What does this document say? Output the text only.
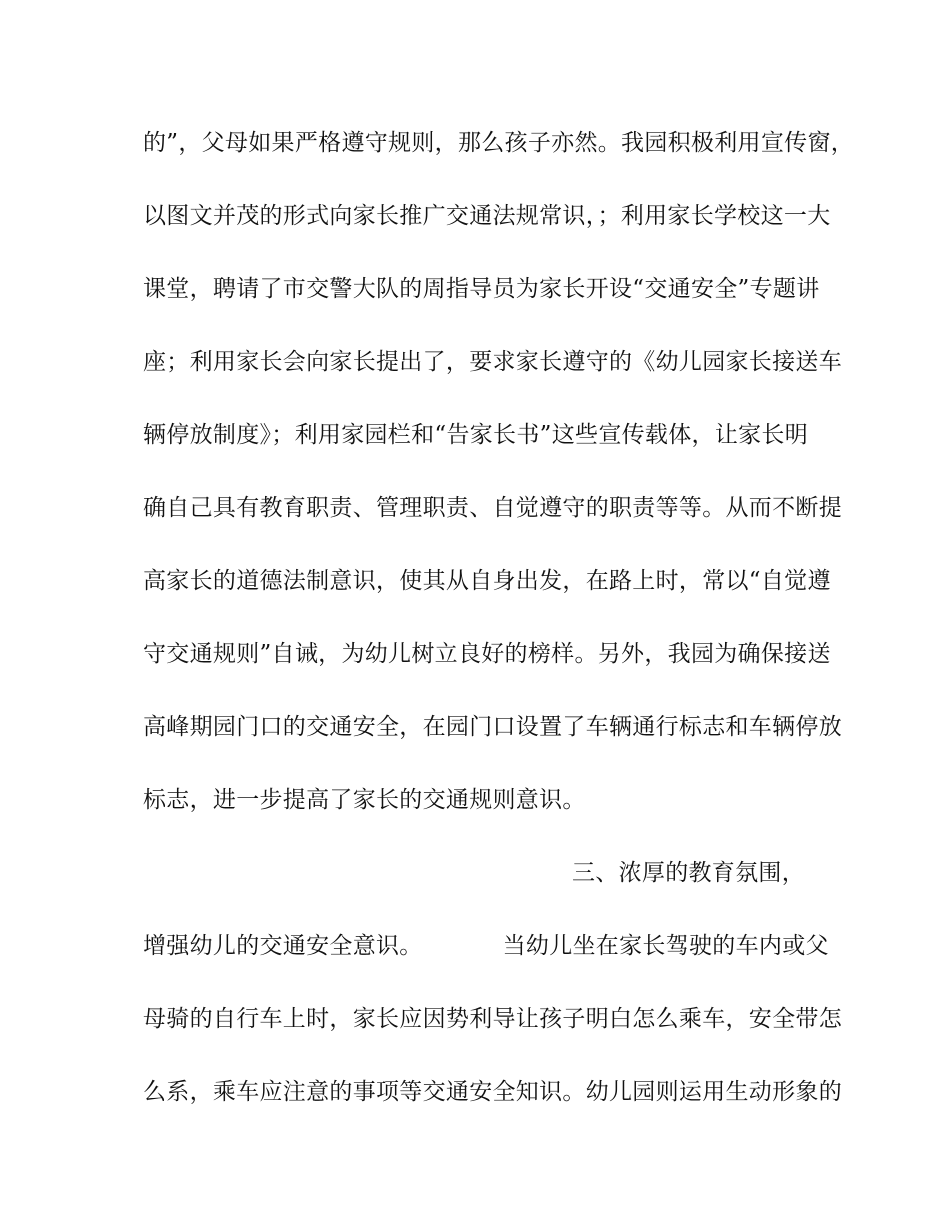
的”，父母如果严格遵守规则，那么孩子亦然。我园积极利用宣传窗，
以图文并茂的形式向家长推广交通法规常识，；利用家长学校这一大
课堂，聘请了市交警大队的周指导员为家长开设“交通安全”专题讲
座；利用家长会向家长提出了，要求家长遵守的《幼儿园家长接送车
辆停放制度》；利用家园栏和“告家长书”这些宣传载体，让家长明
确自己具有教育职责、管理职责、自觉遵守的职责等等。从而不断提
高家长的道德法制意识，使其从自身出发，在路上时，常以“自觉遵
守交通规则”自诫，为幼儿树立良好的榜样。另外，我园为确保接送
高峰期园门口的交通安全，在园门口设置了车辆通行标志和车辆停放
标志，进一步提高了家长的交通规则意识。
三、浓厚的教育氛围，
增强幼儿的交通安全意识。	当幼儿坐在家长驾驶的车内或父
母骑的自行车上时，家长应因势利导让孩子明白怎么乘车，安全带怎
么系，乘车应注意的事项等交通安全知识。幼儿园则运用生动形象的
